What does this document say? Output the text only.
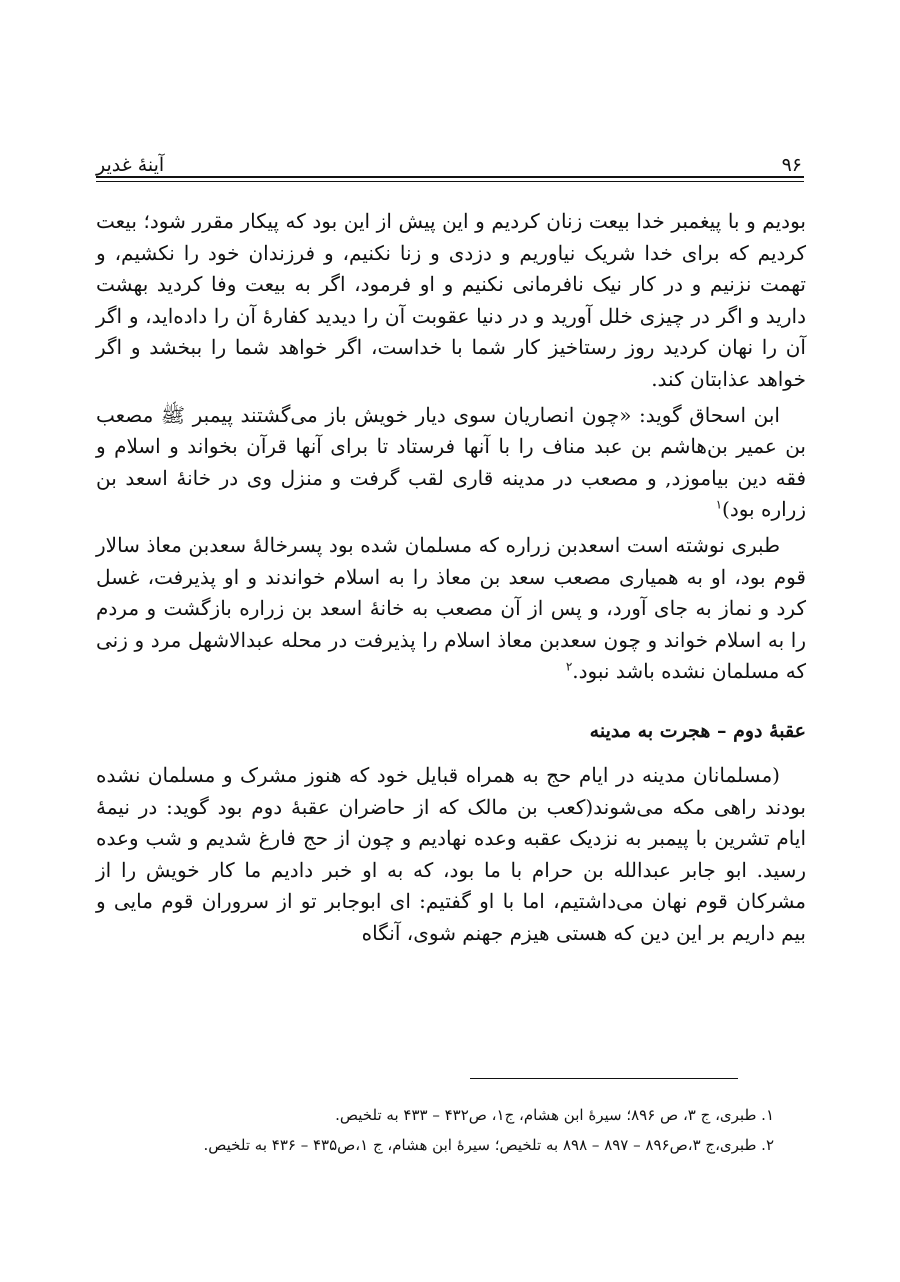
۹۶
آینهٔ غدیر

بودیم و با پیغمبر خدا بیعت زنان کردیم و این پیش از این بود که پیکار مقرر شود؛ بیعت کردیم که برای خدا شریک نیاوریم و دزدی و زنا نکنیم، و فرزندان خود را نکشیم، و تهمت نزنیم و در کار نیک نافرمانی نکنیم و او فرمود، اگر به بیعت وفا کردید بهشت دارید و اگر در چیزی خلل آورید و در دنیا عقوبت آن را دیدید کفارهٔ آن را داده‌اید، و اگر آن را نهان کردید روز رستاخیز کار شما با خداست، اگر خواهد شما را ببخشد و اگر خواهد عذابتان کند.

ابن اسحاق گوید: «چون انصاریان سوی دیار خویش باز می‌گشتند پیمبر ﷺ مصعب بن عمیر بن‌هاشم بن عبد مناف را با آنها فرستاد تا برای آنها قرآن بخواند و اسلام و فقه دین بیاموزد, و مصعب در مدینه قاری لقب گرفت و منزل وی در خانهٔ اسعد بن زراره بود)$^۱$

طبری نوشته است اسعدبن زراره که مسلمان شده بود پسرخالهٔ سعدبن معاذ سالار قوم بود، او به همیاری مصعب سعد بن معاذ را به اسلام خواندند و او پذیرفت، غسل کرد و نماز به جای آورد، و پس از آن مصعب به خانهٔ اسعد بن زراره بازگشت و مردم را به اسلام خواند و چون سعدبن معاذ اسلام را پذیرفت در محله عبدالاشهل مرد و زنی که مسلمان نشده باشد نبود.$^۲$

عقبهٔ دوم – هجرت به مدینه

(مسلمانان مدینه در ایام حج به همراه قبایل خود که هنوز مشرک و مسلمان نشده بودند راهی مکه می‌شوند(کعب بن مالک که از حاضران عقبهٔ دوم بود گوید: در نیمهٔ ایام تشرین با پیمبر به نزدیک عقبه وعده نهادیم و چون از حج فارغ شدیم و شب وعده رسید. ابو جابر عبدالله بن حرام با ما بود، که به او خبر دادیم ما کار خویش را از مشرکان قوم نهان می‌داشتیم، اما با او گفتیم: ای ابوجابر تو از سروران قوم مایی و بیم داریم بر این دین که هستی هیزم جهنم شوی، آنگاه

۱. طبری، ج ۳، ص ۸۹۶؛ سیرهٔ ابن هشام، ج۱، ص۴۳۲ – ۴۳۳ به تلخیص.

۲. طبری،ج ۳،ص۸۹۶ – ۸۹۷ – ۸۹۸ به تلخیص؛ سیرهٔ ابن هشام، ج ۱،ص۴۳۵ – ۴۳۶ به تلخیص.
